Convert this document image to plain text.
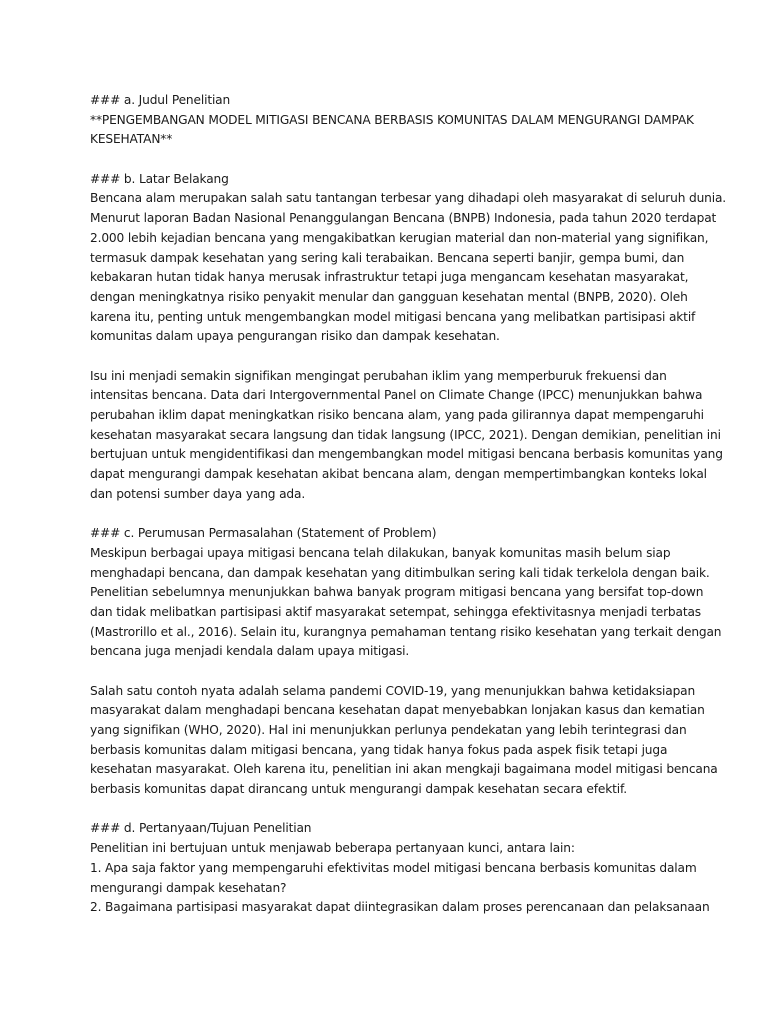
### a. Judul Penelitian
**PENGEMBANGAN MODEL MITIGASI BENCANA BERBASIS KOMUNITAS DALAM MENGURANGI DAMPAK
KESEHATAN**
### b. Latar Belakang
Bencana alam merupakan salah satu tantangan terbesar yang dihadapi oleh masyarakat di seluruh dunia.
Menurut laporan Badan Nasional Penanggulangan Bencana (BNPB) Indonesia, pada tahun 2020 terdapat
2.000 lebih kejadian bencana yang mengakibatkan kerugian material dan non-material yang signifikan,
termasuk dampak kesehatan yang sering kali terabaikan. Bencana seperti banjir, gempa bumi, dan
kebakaran hutan tidak hanya merusak infrastruktur tetapi juga mengancam kesehatan masyarakat,
dengan meningkatnya risiko penyakit menular dan gangguan kesehatan mental (BNPB, 2020). Oleh
karena itu, penting untuk mengembangkan model mitigasi bencana yang melibatkan partisipasi aktif
komunitas dalam upaya pengurangan risiko dan dampak kesehatan.
Isu ini menjadi semakin signifikan mengingat perubahan iklim yang memperburuk frekuensi dan
intensitas bencana. Data dari Intergovernmental Panel on Climate Change (IPCC) menunjukkan bahwa
perubahan iklim dapat meningkatkan risiko bencana alam, yang pada gilirannya dapat mempengaruhi
kesehatan masyarakat secara langsung dan tidak langsung (IPCC, 2021). Dengan demikian, penelitian ini
bertujuan untuk mengidentifikasi dan mengembangkan model mitigasi bencana berbasis komunitas yang
dapat mengurangi dampak kesehatan akibat bencana alam, dengan mempertimbangkan konteks lokal
dan potensi sumber daya yang ada.
### c. Perumusan Permasalahan (Statement of Problem)
Meskipun berbagai upaya mitigasi bencana telah dilakukan, banyak komunitas masih belum siap
menghadapi bencana, dan dampak kesehatan yang ditimbulkan sering kali tidak terkelola dengan baik.
Penelitian sebelumnya menunjukkan bahwa banyak program mitigasi bencana yang bersifat top-down
dan tidak melibatkan partisipasi aktif masyarakat setempat, sehingga efektivitasnya menjadi terbatas
(Mastrorillo et al., 2016). Selain itu, kurangnya pemahaman tentang risiko kesehatan yang terkait dengan
bencana juga menjadi kendala dalam upaya mitigasi.
Salah satu contoh nyata adalah selama pandemi COVID-19, yang menunjukkan bahwa ketidaksiapan
masyarakat dalam menghadapi bencana kesehatan dapat menyebabkan lonjakan kasus dan kematian
yang signifikan (WHO, 2020). Hal ini menunjukkan perlunya pendekatan yang lebih terintegrasi dan
berbasis komunitas dalam mitigasi bencana, yang tidak hanya fokus pada aspek fisik tetapi juga
kesehatan masyarakat. Oleh karena itu, penelitian ini akan mengkaji bagaimana model mitigasi bencana
berbasis komunitas dapat dirancang untuk mengurangi dampak kesehatan secara efektif.
### d. Pertanyaan/Tujuan Penelitian
Penelitian ini bertujuan untuk menjawab beberapa pertanyaan kunci, antara lain:
1. Apa saja faktor yang mempengaruhi efektivitas model mitigasi bencana berbasis komunitas dalam
mengurangi dampak kesehatan?
2. Bagaimana partisipasi masyarakat dapat diintegrasikan dalam proses perencanaan dan pelaksanaan
